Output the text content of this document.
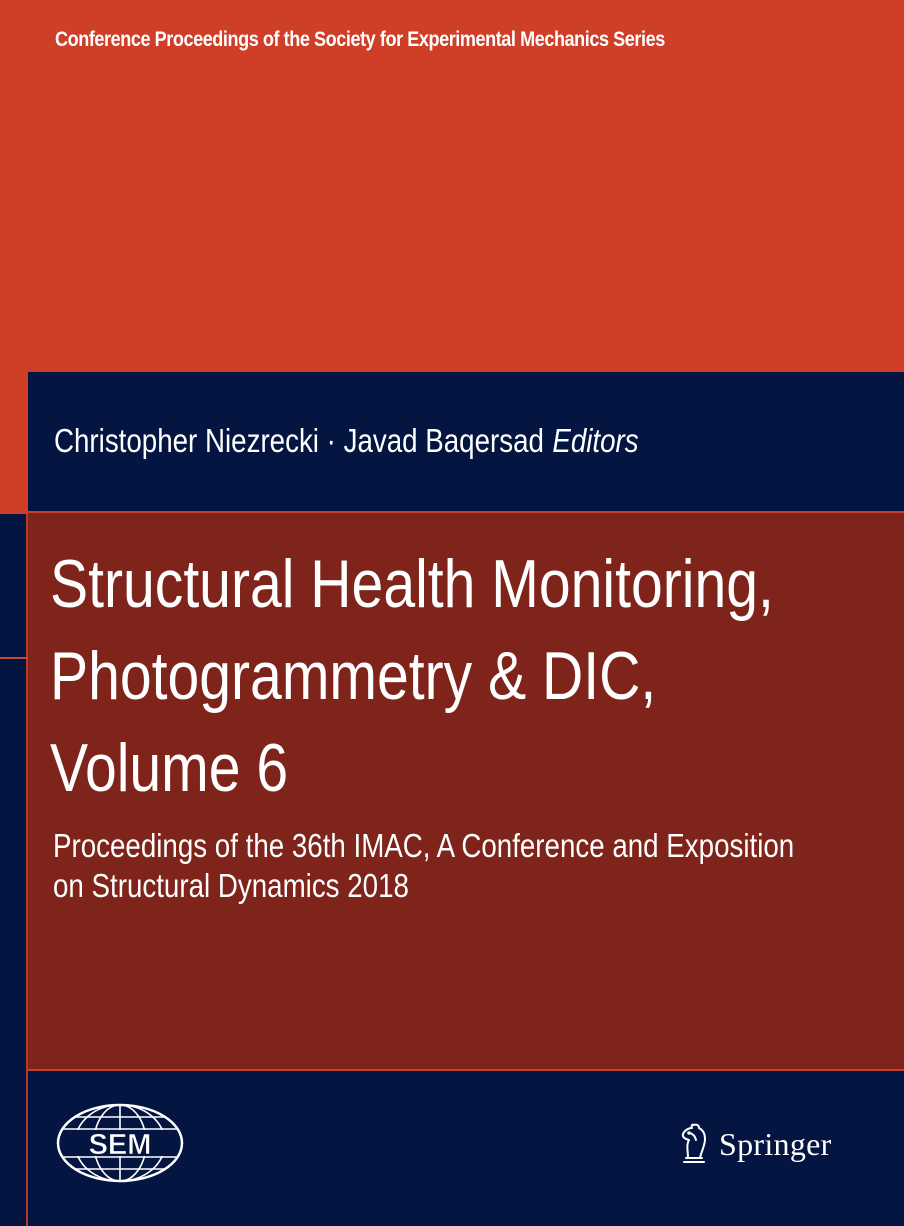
Conference Proceedings of the Society for Experimental Mechanics Series
Christopher Niezrecki · Javad Baqersad Editors
Structural Health Monitoring,
Photogrammetry & DIC,
Volume 6
Proceedings of the 36th IMAC, A Conference and Exposition
on Structural Dynamics 2018
SEM	Springer
